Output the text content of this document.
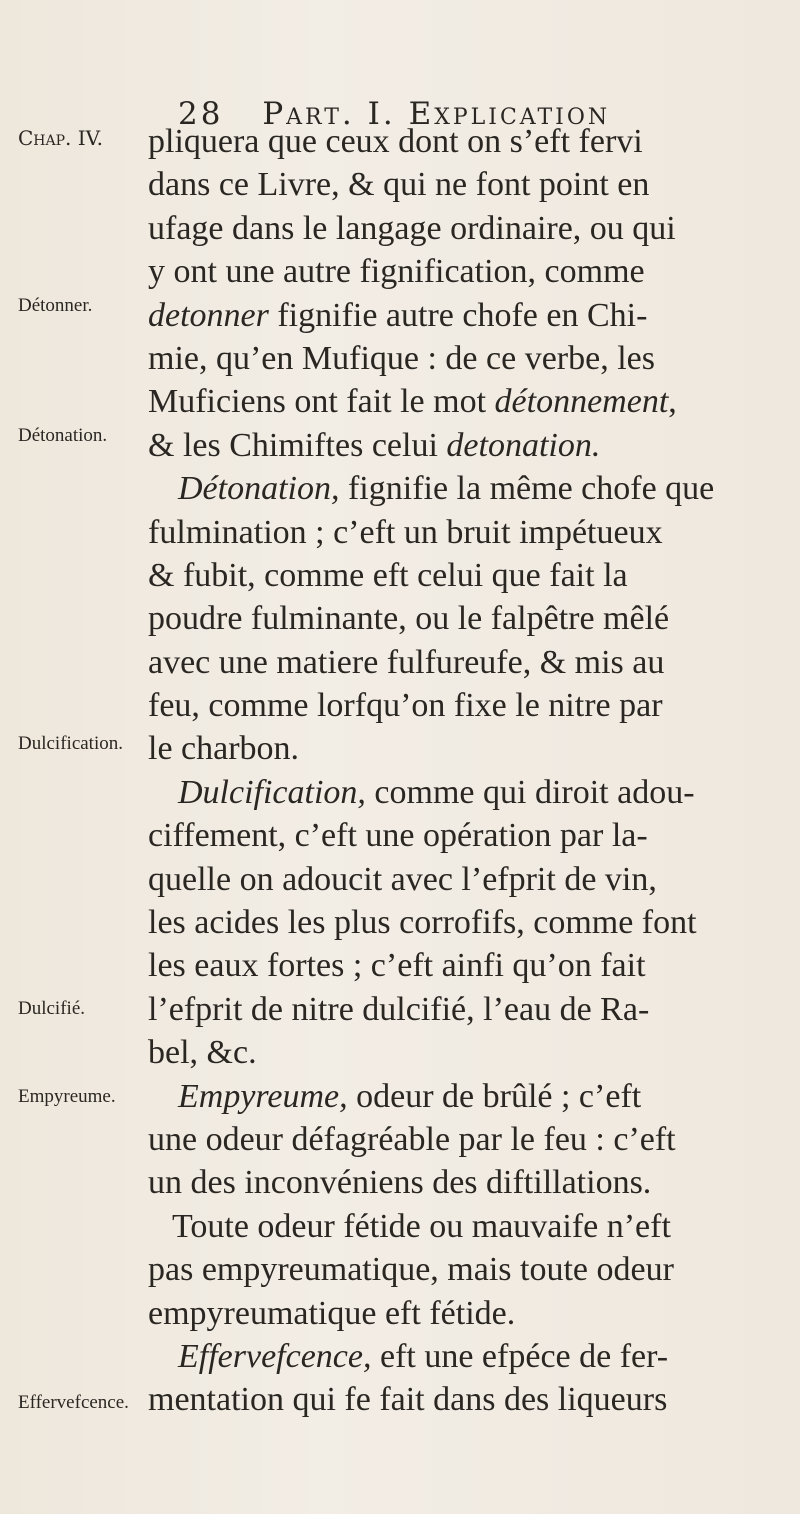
28 Part. I. Explication
Chap. IV.
Détonner.
Détonation.
Dulcification.
Dulcifié.
Empyreume.
Effervefcence.
pliquera que ceux dont on s’eft fervi
dans ce Livre, & qui ne font point en
ufage dans le langage ordinaire, ou qui
y ont une autre fignification, comme
detonner fignifie autre chofe en Chi-
mie, qu’en Mufique : de ce verbe, les
Muficiens ont fait le mot détonnement,
& les Chimiftes celui detonation.
Détonation, fignifie la même chofe que
fulmination ; c’eft un bruit impétueux
& fubit, comme eft celui que fait la
poudre fulminante, ou le falpêtre mêlé
avec une matiere fulfureufe, & mis au
feu, comme lorfqu’on fixe le nitre par
le charbon.
Dulcification, comme qui diroit adou-
ciffement, c’eft une opération par la-
quelle on adoucit avec l’efprit de vin,
les acides les plus corrofifs, comme font
les eaux fortes ; c’eft ainfi qu’on fait
l’efprit de nitre dulcifié, l’eau de Ra-
bel, &c.
Empyreume, odeur de brûlé ; c’eft
une odeur défagréable par le feu : c’eft
un des inconvéniens des diftillations.
Toute odeur fétide ou mauvaife n’eft
pas empyreumatique, mais toute odeur
empyreumatique eft fétide.
Effervefcence, eft une efpéce de fer-
mentation qui fe fait dans des liqueurs
